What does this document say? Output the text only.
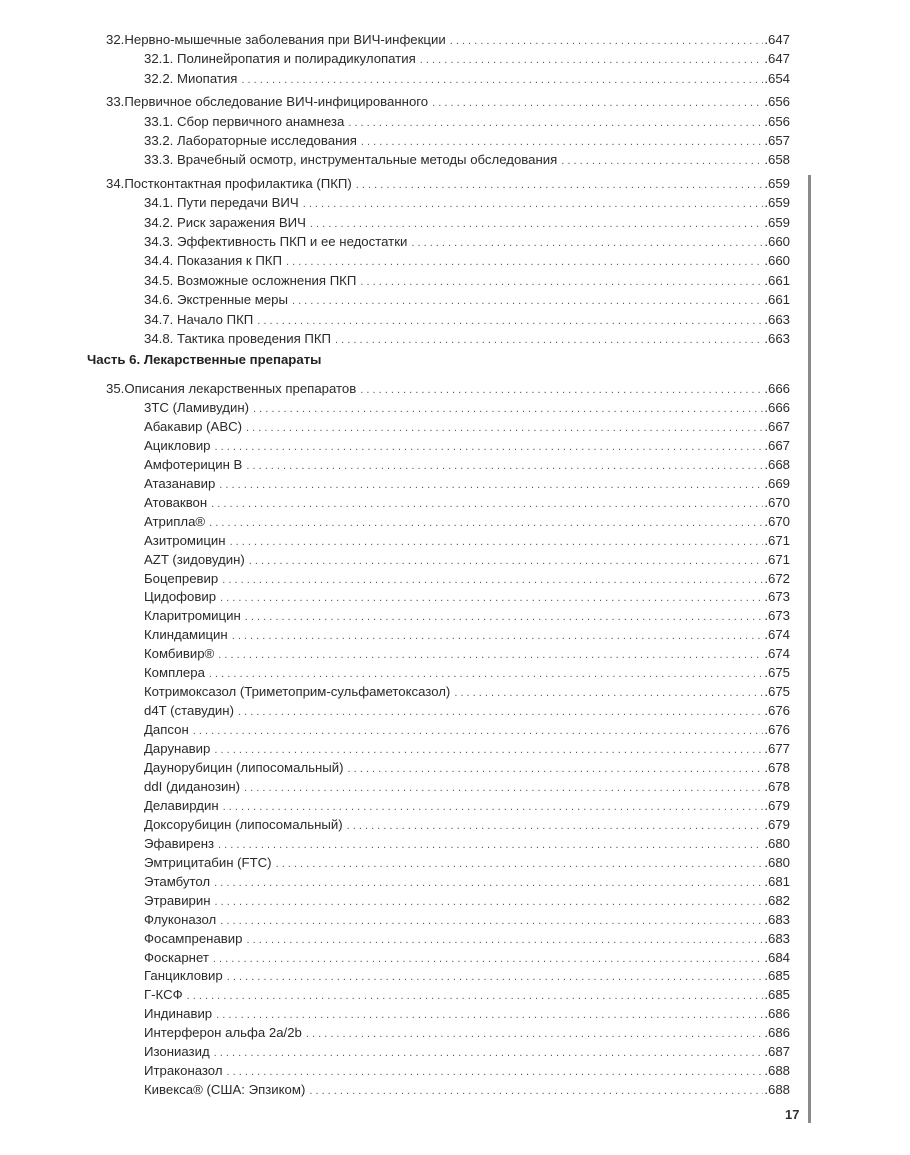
Часть 6. Лекарственные препараты
17
32.Нервно-мышечные заболевания при ВИЧ-инфекции . . .	.647
32.1. Полинейропатия и полирадикулопатия . . .	.647
32.2. Миопатия . . .	.654
33.Первичное обследование ВИЧ-инфицированного . . .	.656
33.1. Сбор первичного анамнеза . . .	.656
33.2. Лабораторные исследования . . .	.657
33.3. Врачебный осмотр, инструментальные методы обследования . . .	.658
34.Постконтактная профилактика (ПКП) . . .	.659
34.1. Пути передачи ВИЧ . . .	.659
34.2. Риск заражения ВИЧ . . .	.659
34.3. Эффективность ПКП и ее недостатки . . .	.660
34.4. Показания к ПКП . . .	.660
34.5. Возможные осложнения ПКП . . .	.661
34.6. Экстренные меры . . .	.661
34.7. Начало ПКП . . .	.663
34.8. Тактика проведения ПКП . . .	.663
35.Описания лекарственных препаратов . . .	.666
3TC (Ламивудин) . . .	.666
Абакавир (ABC) . . .	.667
Ацикловир . . .	.667
Амфотерицин B . . .	.668
Атазанавир . . .	.669
Атоваквон . . .	.670
Атрипла® . . .	.670
Азитромицин . . .	.671
AZT (зидовудин) . . .	.671
Боцепревир . . .	.672
Цидофовир . . .	.673
Кларитромицин . . .	.673
Клиндамицин . . .	.674
Комбивир® . . .	.674
Комплера . . .	.675
Котримоксазол (Триметоприм-сульфаметоксазол) . . .	.675
d4T (ставудин) . . .	.676
Дапсон . . .	.676
Дарунавир . . .	.677
Даунорубицин (липосомальный) . . .	.678
ddI (диданозин) . . .	.678
Делавирдин . . .	.679
Доксорубицин (липосомальный) . . .	.679
Эфавиренз . . .	.680
Эмтрицитабин (FTC) . . .	.680
Этамбутол . . .	.681
Этравирин . . .	.682
Флуконазол . . .	.683
Фосампренавир . . .	.683
Фоскарнет . . .	.684
Ганцикловир . . .	.685
Г-КСФ . . .	.685
Индинавир . . .	.686
Интерферон альфа 2a/2b . . .	.686
Изониазид . . .	.687
Итраконазол . . .	.688
Кивекса® (США: Эпзиком) . . .	.688
